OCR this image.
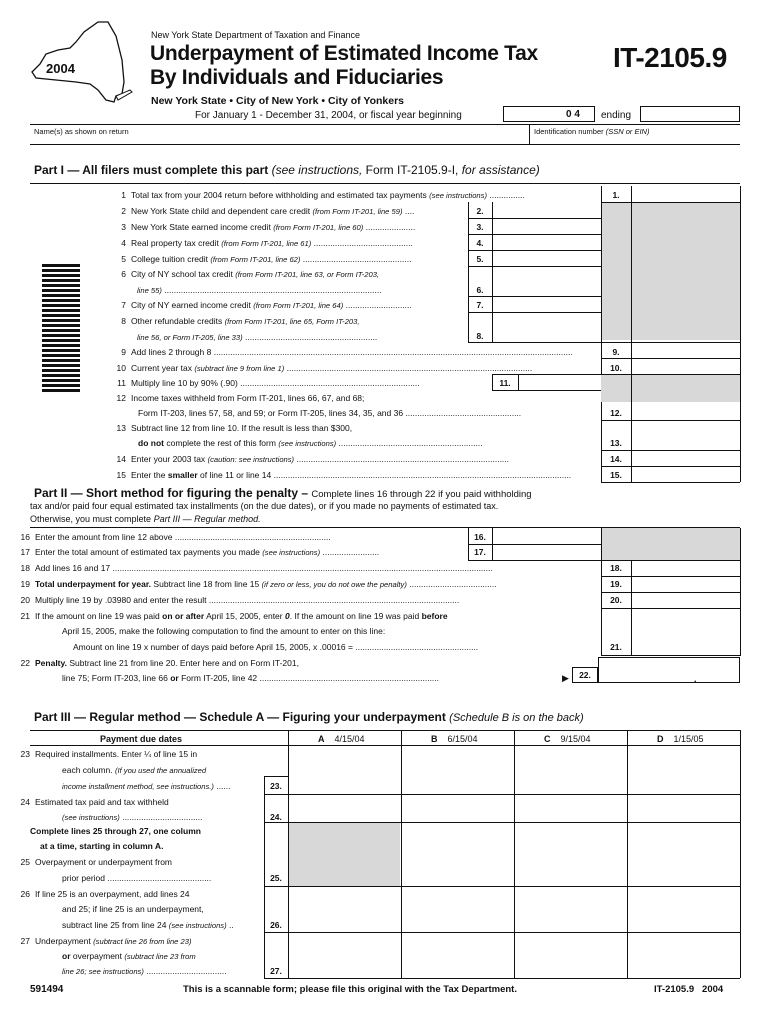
2004
New York State Department of Taxation and Finance
Underpayment of Estimated Income Tax
By Individuals and Fiduciaries
IT-2105.9
New York State • City of New York • City of Yonkers
For January 1 - December 31, 2004, or fiscal year beginning	0 4 ending
Name(s) as shown on return	Identification number (SSN or EIN)
Part I — All filers must complete this part (see instructions, Form IT-2105.9-I, for assistance)
1 Total tax from your 2004 return before withholding and estimated tax payments (see instructions) ...............	1.
2 New York State child and dependent care credit (from Form IT-201, line 59) ....	2.
3 New York State earned income credit (from Form IT-201, line 60) .....................	3.
4 Real property tax credit (from Form IT-201, line 61) ..........................................	4.
5 College tuition credit (from Form IT-201, line 62) ..............................................	5.
6 City of NY school tax credit (from Form IT-201, line 63, or Form IT-203,
line 55) ............................................................................................	6.
7 City of NY earned income credit (from Form IT-201, line 64) ............................	7.
8 Other refundable credits (from Form IT-201, line 65, Form IT-203,
line 56, or Form IT-205, line 33) ........................................................	8.
9 Add lines 2 through 8 ........................................................................................................................................................	9.
10 Current year tax (subtract line 9 from line 1) ........................................................................................................	10.
11 Multiply line 10 by 90% (.90) ............................................................................	11.
12 Income taxes withheld from Form IT-201, lines 66, 67, and 68;
Form IT-203, lines 57, 58, and 59; or Form IT-205, lines 34, 35, and 36 .................................................	12.
13 Subtract line 12 from line 10. If the result is less than $300,
do not complete the rest of this form (see instructions) .............................................................	13.
14 Enter your 2003 tax (caution: see instructions) ..........................................................................................	14.
15 Enter the smaller of line 11 or line 14 ..............................................................................................................................	15.
Part II — Short method for figuring the penalty – Complete lines 16 through 22 if you paid withholding
tax and/or paid four equal estimated tax installments (on the due dates), or if you made no payments of estimated tax.
Otherwise, you must complete Part III — Regular method.
16 Enter the amount from line 12 above ..................................................................	16.
17 Enter the total amount of estimated tax payments you made (see instructions) ........................	17.
18 Add lines 16 and 17 .................................................................................................................................................................	18.
19 Total underpayment for year. Subtract line 18 from line 15 (if zero or less, you do not owe the penalty) .....................................	19.
20 Multiply line 19 by .03980 and enter the result ..........................................................................................................	20.
21 If the amount on line 19 was paid on or after April 15, 2005, enter 0. If the amount on line 19 was paid before
April 15, 2005, make the following computation to find the amount to enter on this line:
Amount on line 19 x number of days paid before April 15, 2005, x .00016 = ....................................................	21.
22 Penalty. Subtract line 21 from line 20. Enter here and on Form IT-201,
line 75; Form IT-203, line 66 or Form IT-205, line 42 ............................................................................	▶	22.	.
Part III — Regular method — Schedule A — Figuring your underpayment (Schedule B is on the back)
Payment due dates	A 4/15/04	B 6/15/04	C 9/15/04	D 1/15/05
23 Required installments. Enter ¼ of line 15 in
each column. (If you used the annualized
income installment method, see instructions.) ......	23.
24 Estimated tax paid and tax withheld
(see instructions) ..................................	24.
Complete lines 25 through 27, one column
at a time, starting in column A.
25 Overpayment or underpayment from
prior period ............................................	25.
26 If line 25 is an overpayment, add lines 24
and 25; if line 25 is an underpayment,
subtract line 25 from line 24 (see instructions) ..	26.
27 Underpayment (subtract line 26 from line 23)
or overpayment (subtract line 23 from
line 26; see instructions) ..................................	27.
591494	This is a scannable form; please file this original with the Tax Department.	IT-2105.9   2004
